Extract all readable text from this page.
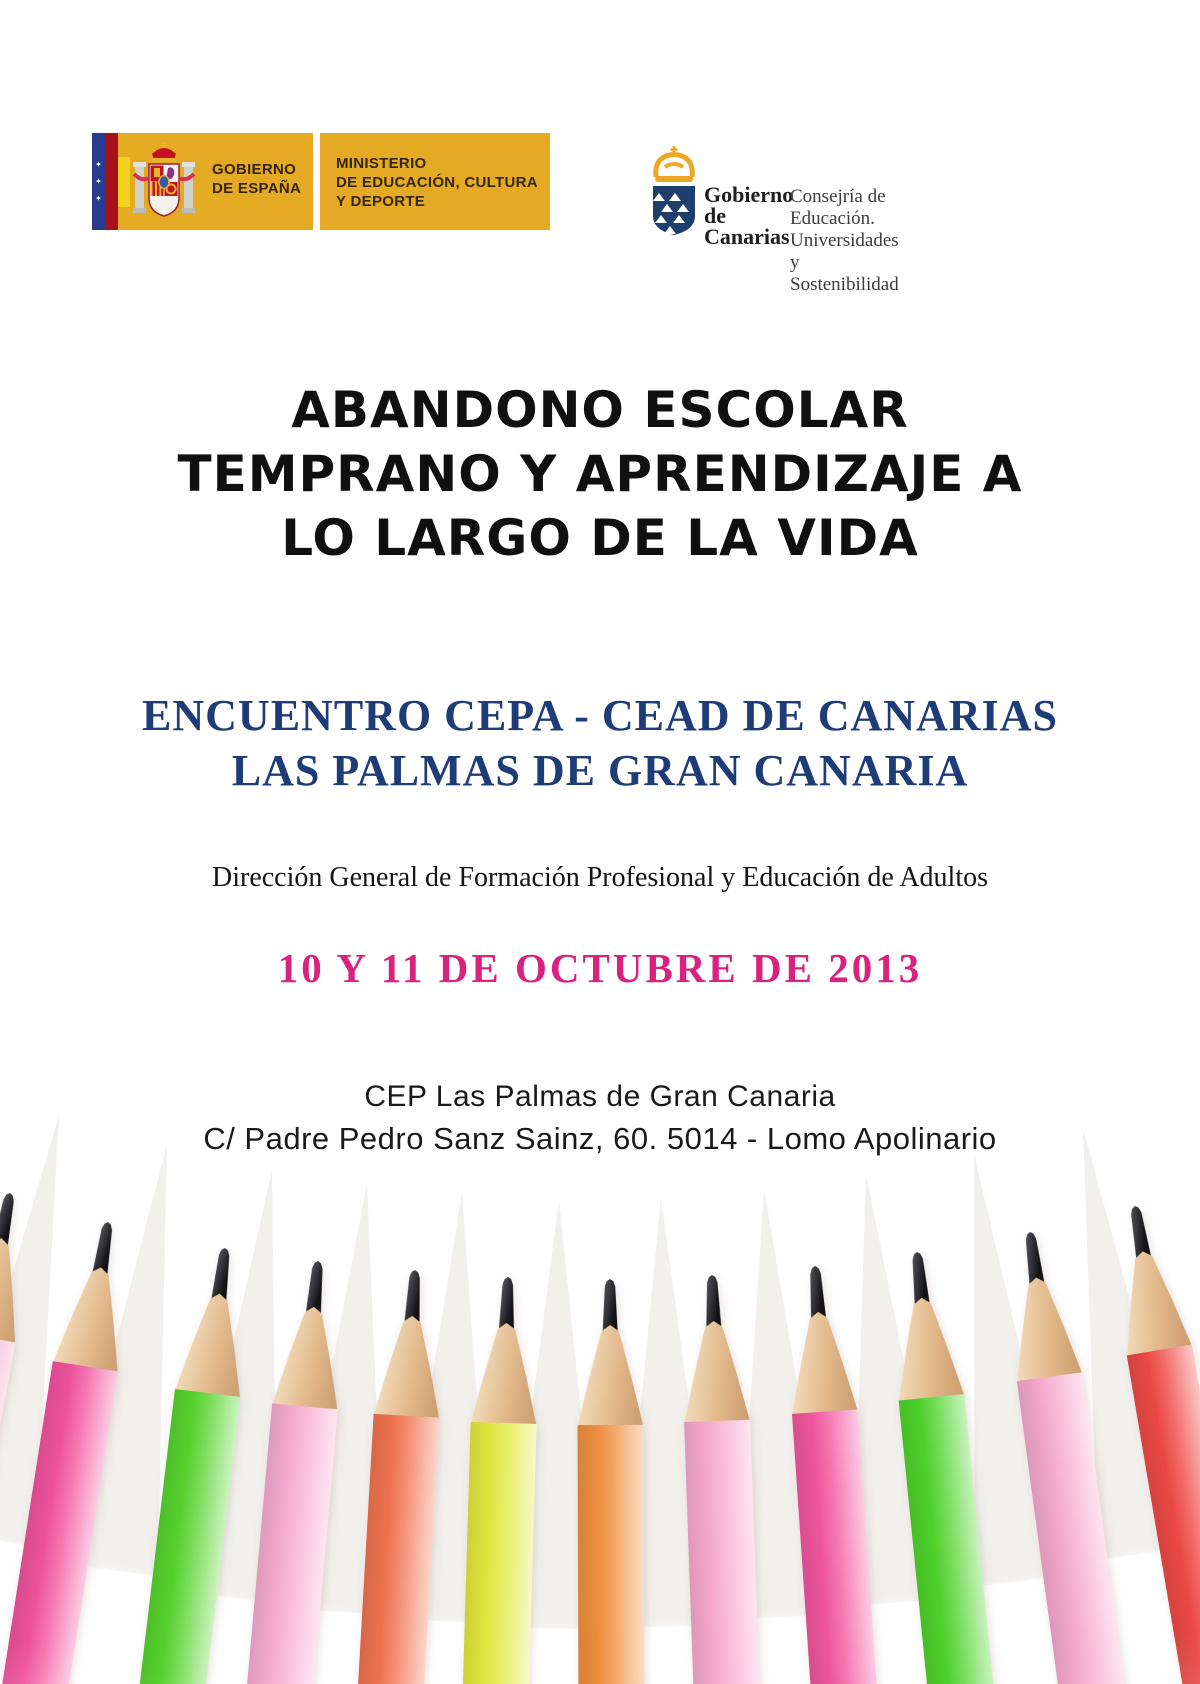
✦
✦
✦
GOBIERNO
DE ESPAÑA
MINISTERIO
DE EDUCACIÓN, CULTURA
Y DEPORTE	Gobierno
de Canarias
Consejría de Educación.
Universidades y Sostenibilidad
ABANDONO ESCOLAR
TEMPRANO Y APRENDIZAJE A
LO LARGO DE LA VIDA
ENCUENTRO CEPA - CEAD DE CANARIAS
LAS PALMAS DE GRAN CANARIA
Dirección General de Formación Profesional y Educación de Adultos
10 Y 11 DE OCTUBRE DE 2013
CEP Las Palmas de Gran Canaria
C/ Padre Pedro Sanz Sainz, 60. 5014 - Lomo Apolinario
